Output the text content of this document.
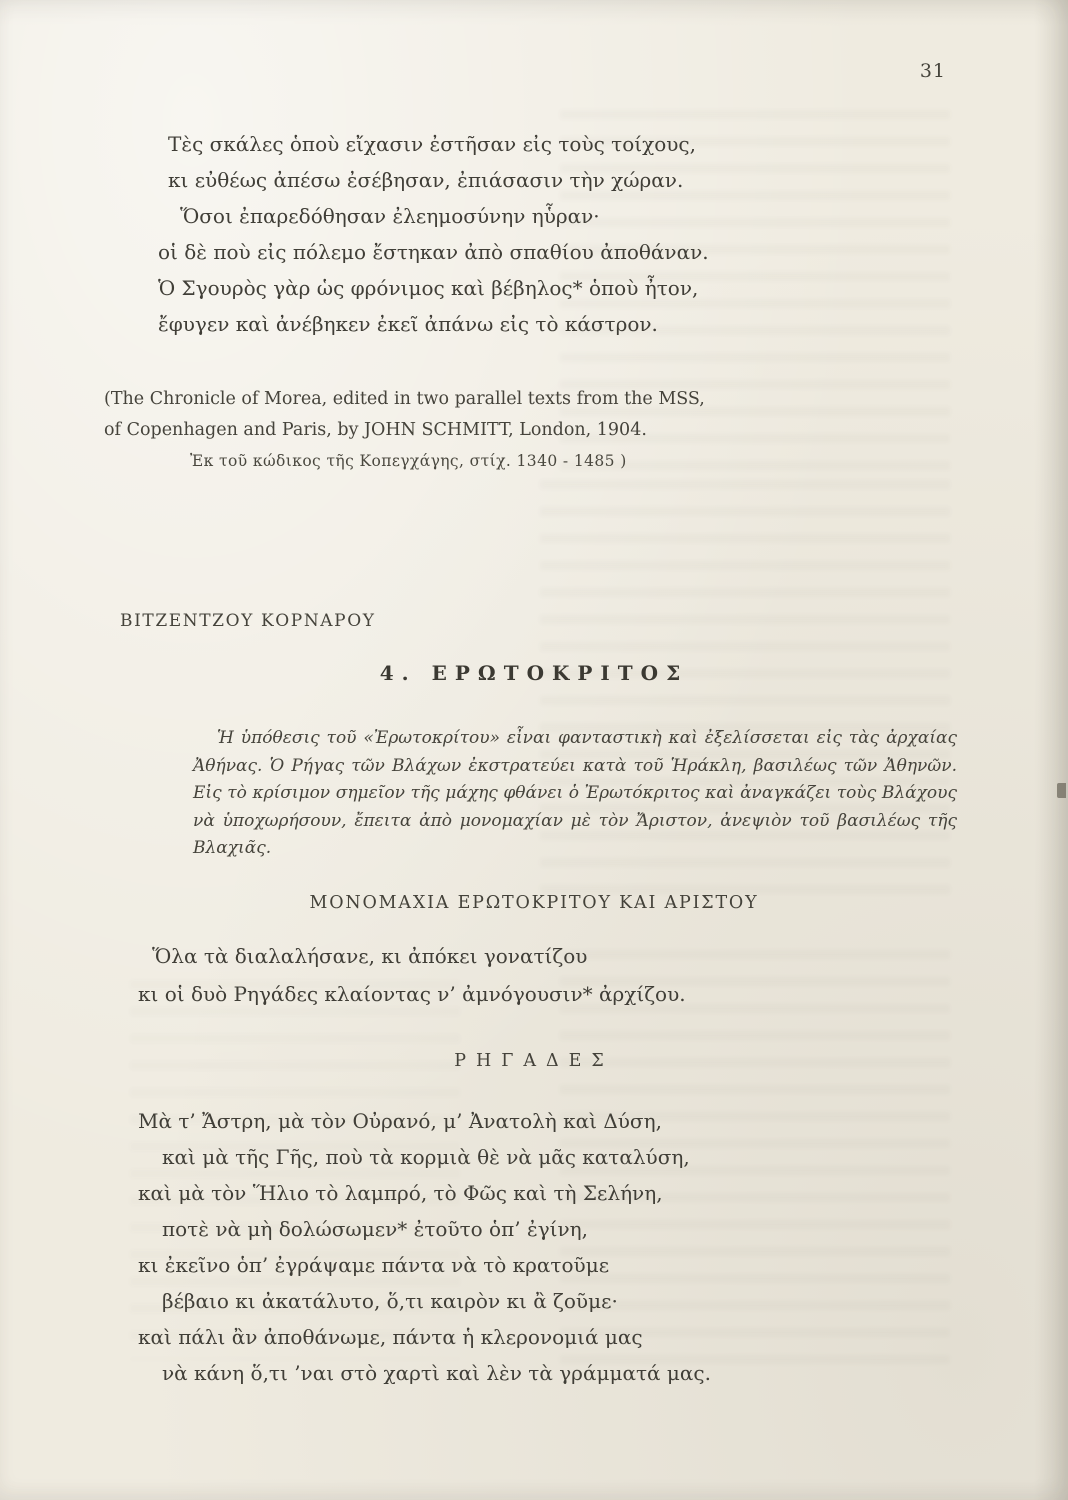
31
Τὲς σκάλες ὁποὺ εἴχασιν ἐστῆσαν εἰς τοὺς τοίχους,
κι εὐθέως ἀπέσω ἐσέβησαν, ἐπιάσασιν τὴν χώραν.
Ὅσοι ἐπαρεδόθησαν ἐλεημοσύνην ηὗραν·
οἱ δὲ ποὺ εἰς πόλεμο ἔστηκαν ἀπὸ σπαθίου ἀποθάναν.
Ὁ Σγουρὸς γὰρ ὡς φρόνιμος καὶ βέβηλος* ὁποὺ ἦτον,
ἔφυγεν καὶ ἀνέβηκεν ἐκεῖ ἀπάνω εἰς τὸ κάστρον.
(The Chronicle of Morea, edited in two parallel texts from the MSS,
of Copenhagen and Paris, by JOHN SCHMITT, London, 1904.
Ἐκ τοῦ κώδικος τῆς Κοπεγχάγης, στίχ. 1340 - 1485 )
ΒΙΤΖΕΝΤΖΟΥ ΚΟΡΝΑΡΟΥ
4. ΕΡΩΤΟΚΡΙΤΟΣ
Ἡ ὑπόθεσις τοῦ «Ἐρωτοκρίτου» εἶναι φανταστικὴ καὶ ἐξελίσσεται εἰς τὰς ἀρχαίας Ἀθήνας. Ὁ Ρήγας τῶν Βλάχων ἐκστρατεύει κατὰ τοῦ Ἡράκλη, βασιλέως τῶν Ἀθηνῶν. Εἰς τὸ κρίσιμον σημεῖον τῆς μάχης φθάνει ὁ Ἐρωτόκριτος καὶ ἀναγκάζει τοὺς Βλάχους νὰ ὑποχωρήσουν, ἔπειτα ἀπὸ μονομαχίαν μὲ τὸν Ἄριστον, ἀνεψιὸν τοῦ βασιλέως τῆς Βλαχιᾶς.
ΜΟΝΟΜΑΧΙΑ ΕΡΩΤΟΚΡΙΤΟΥ ΚΑΙ ΑΡΙΣΤΟΥ
Ὅλα τὰ διαλαλήσανε, κι ἀπόκει γονατίζου
κι οἱ δυὸ Ρηγάδες κλαίοντας ν’ ἀμνόγουσιν* ἀρχίζου.
ΡΗΓΑΔΕΣ
Μὰ τ’ Ἄστρη, μὰ τὸν Οὐρανό, μ’ Ἀνατολὴ καὶ Δύση,
καὶ μὰ τῆς Γῆς, ποὺ τὰ κορμιὰ θὲ νὰ μᾶς καταλύση,
καὶ μὰ τὸν Ἥλιο τὸ λαμπρό, τὸ Φῶς καὶ τὴ Σελήνη,
ποτὲ νὰ μὴ δολώσωμεν* ἐτοῦτο ὁπ’ ἐγίνη,
κι ἐκεῖνο ὁπ’ ἐγράψαμε πάντα νὰ τὸ κρατοῦμε
βέβαιο κι ἀκατάλυτο, ὅ,τι καιρὸν κι ἂ ζοῦμε·
καὶ πάλι ἂν ἀποθάνωμε, πάντα ἡ κλερονομιά μας
νὰ κάνη ὅ,τι ’ναι στὸ χαρτὶ καὶ λὲν τὰ γράμματά μας.
